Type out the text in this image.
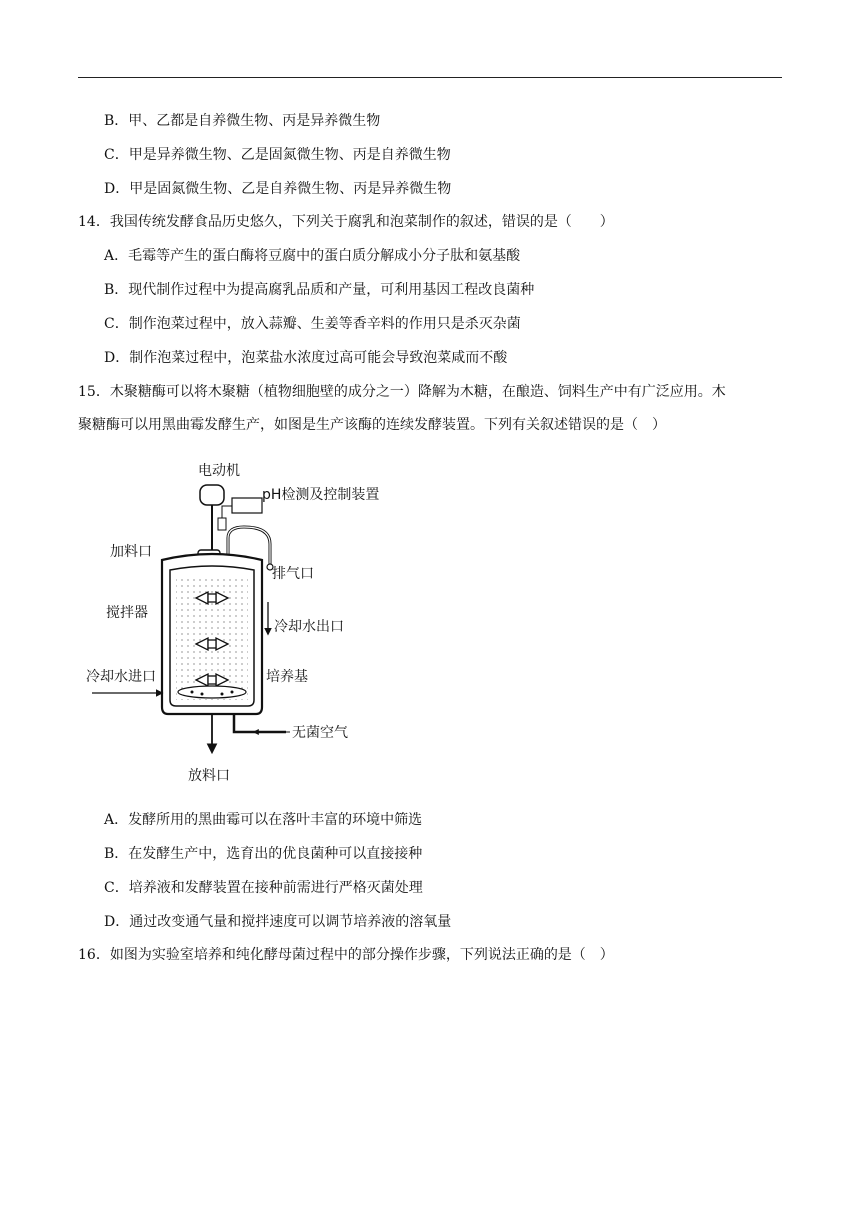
B．甲、乙都是自养微生物、丙是异养微生物
C．甲是异养微生物、乙是固氮微生物、丙是自养微生物
D．甲是固氮微生物、乙是自养微生物、丙是异养微生物
14．我国传统发酵食品历史悠久，下列关于腐乳和泡菜制作的叙述，错误的是（　　）
A．毛霉等产生的蛋白酶将豆腐中的蛋白质分解成小分子肽和氨基酸
B．现代制作过程中为提高腐乳品质和产量，可利用基因工程改良菌种
C．制作泡菜过程中，放入蒜瓣、生姜等香辛料的作用只是杀灭杂菌
D．制作泡菜过程中，泡菜盐水浓度过高可能会导致泡菜咸而不酸
15．木聚糖酶可以将木聚糖（植物细胞壁的成分之一）降解为木糖，在酿造、饲料生产中有广泛应用。木
聚糖酶可以用黑曲霉发酵生产，如图是生产该酶的连续发酵装置。下列有关叙述错误的是（　）
电动机
pH检测及控制装置
加料口
排气口
搅拌器
冷却水出口
培养基
冷却水进口
无菌空气
放料口
A．发酵所用的黑曲霉可以在落叶丰富的环境中筛选
B．在发酵生产中，选育出的优良菌种可以直接接种
C．培养液和发酵装置在接种前需进行严格灭菌处理
D．通过改变通气量和搅拌速度可以调节培养液的溶氧量
16．如图为实验室培养和纯化酵母菌过程中的部分操作步骤，下列说法正确的是（　）
